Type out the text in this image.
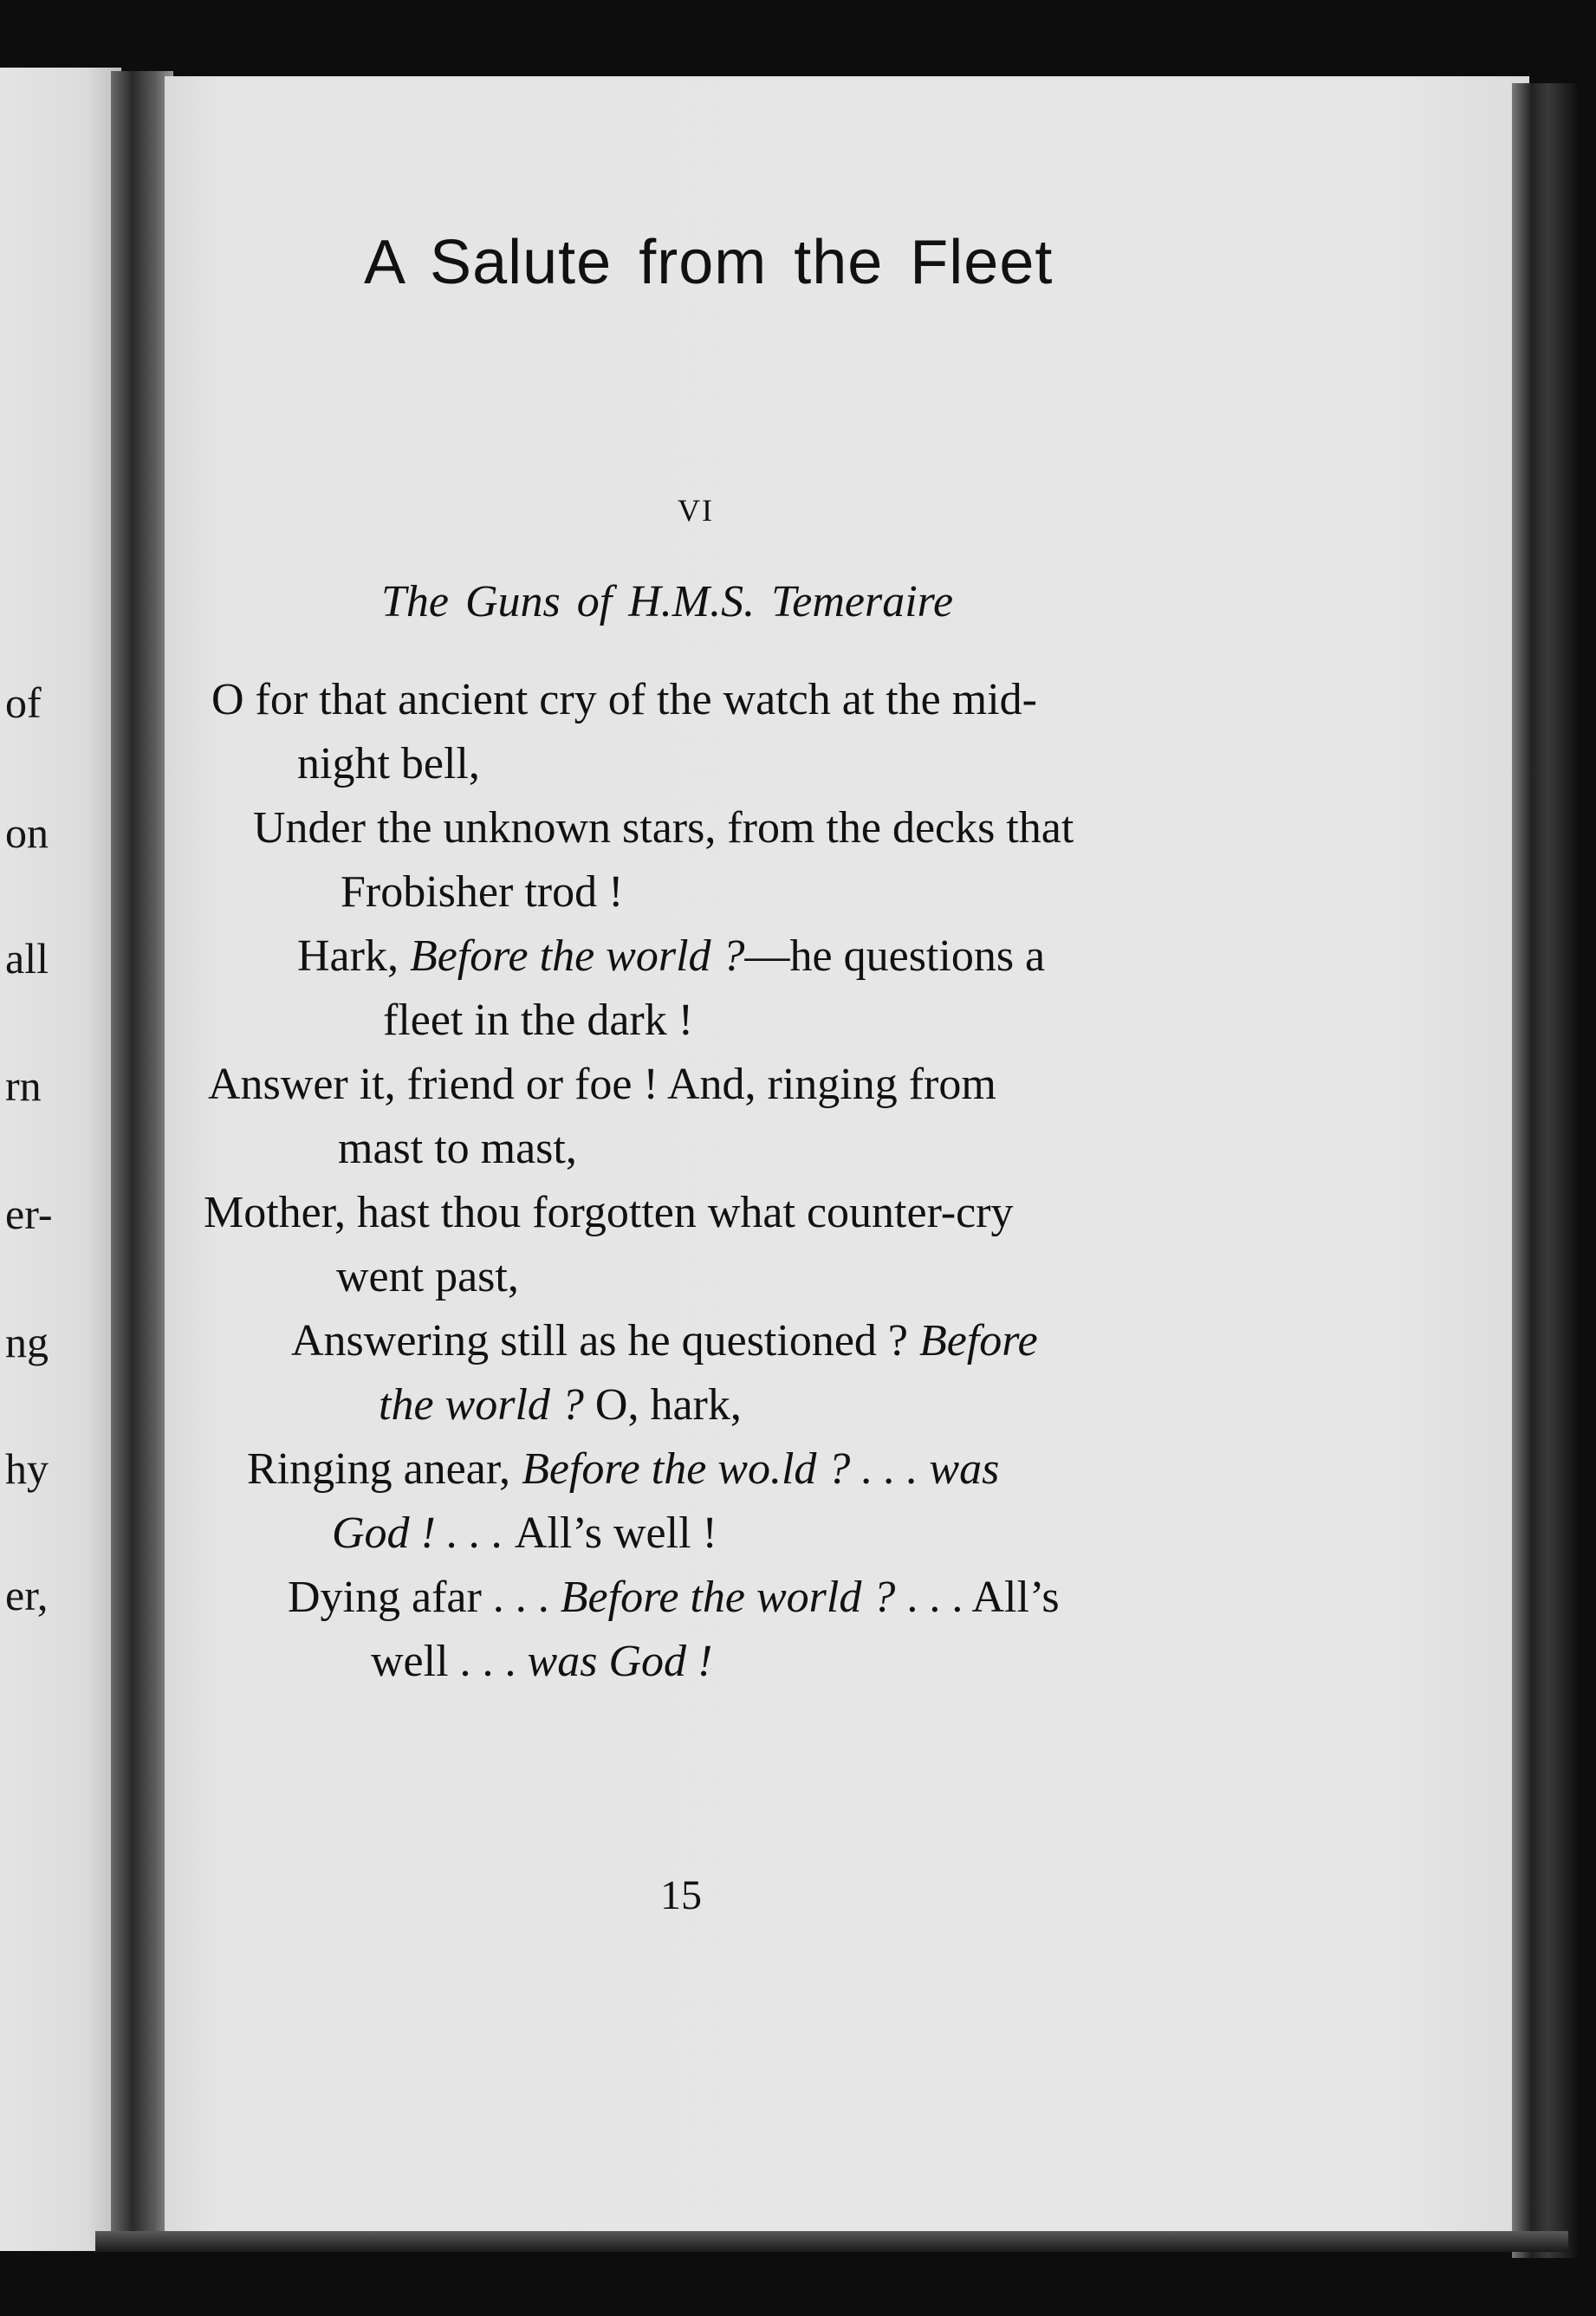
of
on
all
rn
er-
ng
hy
er,
A Salute from the Fleet
VI
The Guns of H.M.S. Temeraire
O for that ancient cry of the watch at the mid-
night bell,
Under the unknown stars, from the decks that
Frobisher trod !
Hark, Before the world ?—he questions a
fleet in the dark !
Answer it, friend or foe ! And, ringing from
mast to mast,
Mother, hast thou forgotten what counter-cry
went past,
Answering still as he questioned ? Before
the world ? O, hark,
Ringing anear, Before the wo.ld ? . . . was
God ! . . . All’s well !
Dying afar . . . Before the world ? . . . All’s
well . . . was God !
15
